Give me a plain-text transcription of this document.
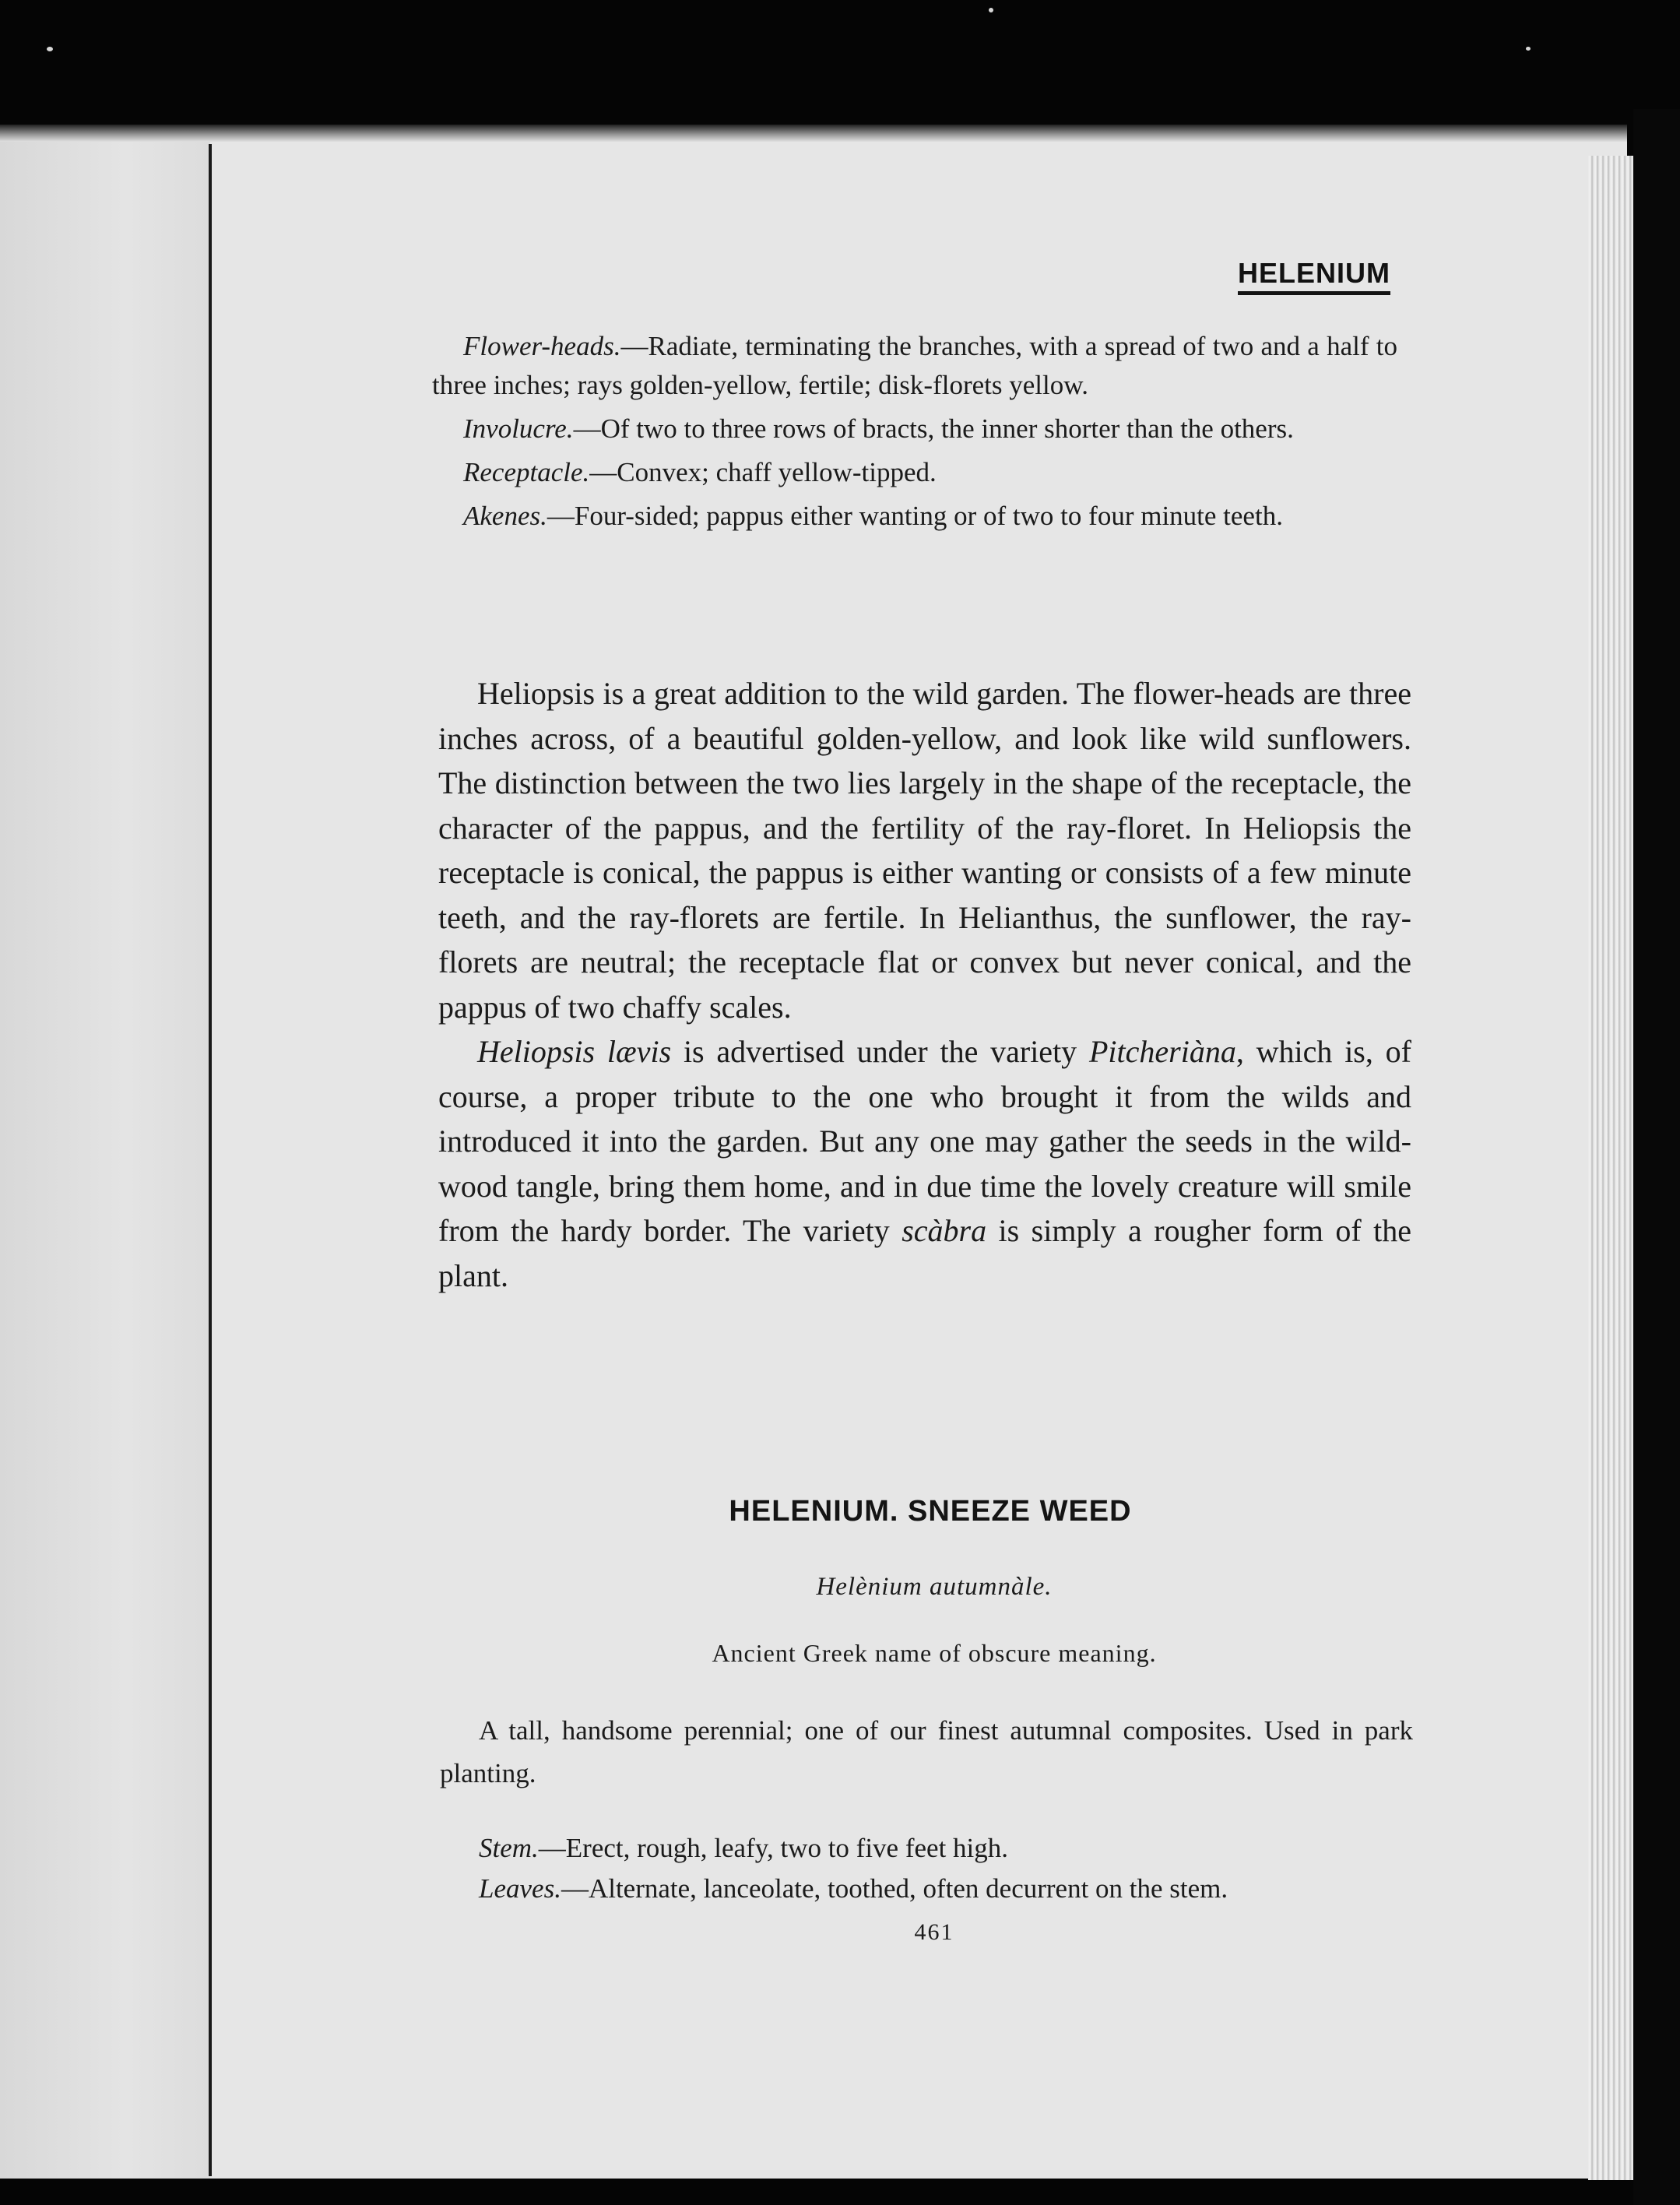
HELENIUM

Flower-heads.—Radiate, terminating the branches, with a spread of two and a half to three inches; rays golden-yellow, fertile; disk-florets yellow.

Involucre.—Of two to three rows of bracts, the inner shorter than the others.

Receptacle.—Convex; chaff yellow-tipped.

Akenes.—Four-sided; pappus either wanting or of two to four minute teeth.

Heliopsis is a great addition to the wild garden. The flower-heads are three inches across, of a beautiful golden-yellow, and look like wild sunflowers. The distinction between the two lies largely in the shape of the receptacle, the character of the pappus, and the fertility of the ray-floret. In Heliopsis the receptacle is conical, the pappus is either wanting or consists of a few minute teeth, and the ray-florets are fertile. In Helianthus, the sunflower, the ray-florets are neutral; the receptacle flat or convex but never conical, and the pappus of two chaffy scales.

Heliopsis lævis is advertised under the variety Pitcheriàna, which is, of course, a proper tribute to the one who brought it from the wilds and introduced it into the garden. But any one may gather the seeds in the wild-wood tangle, bring them home, and in due time the lovely creature will smile from the hardy border. The variety scàbra is simply a rougher form of the plant.

HELENIUM. SNEEZE WEED
Helènium autumnàle.
Ancient Greek name of obscure meaning.
A tall, handsome perennial; one of our finest autumnal composites. Used in park planting.

Stem.—Erect, rough, leafy, two to five feet high.

Leaves.—Alternate, lanceolate, toothed, often decurrent on the stem.

461
